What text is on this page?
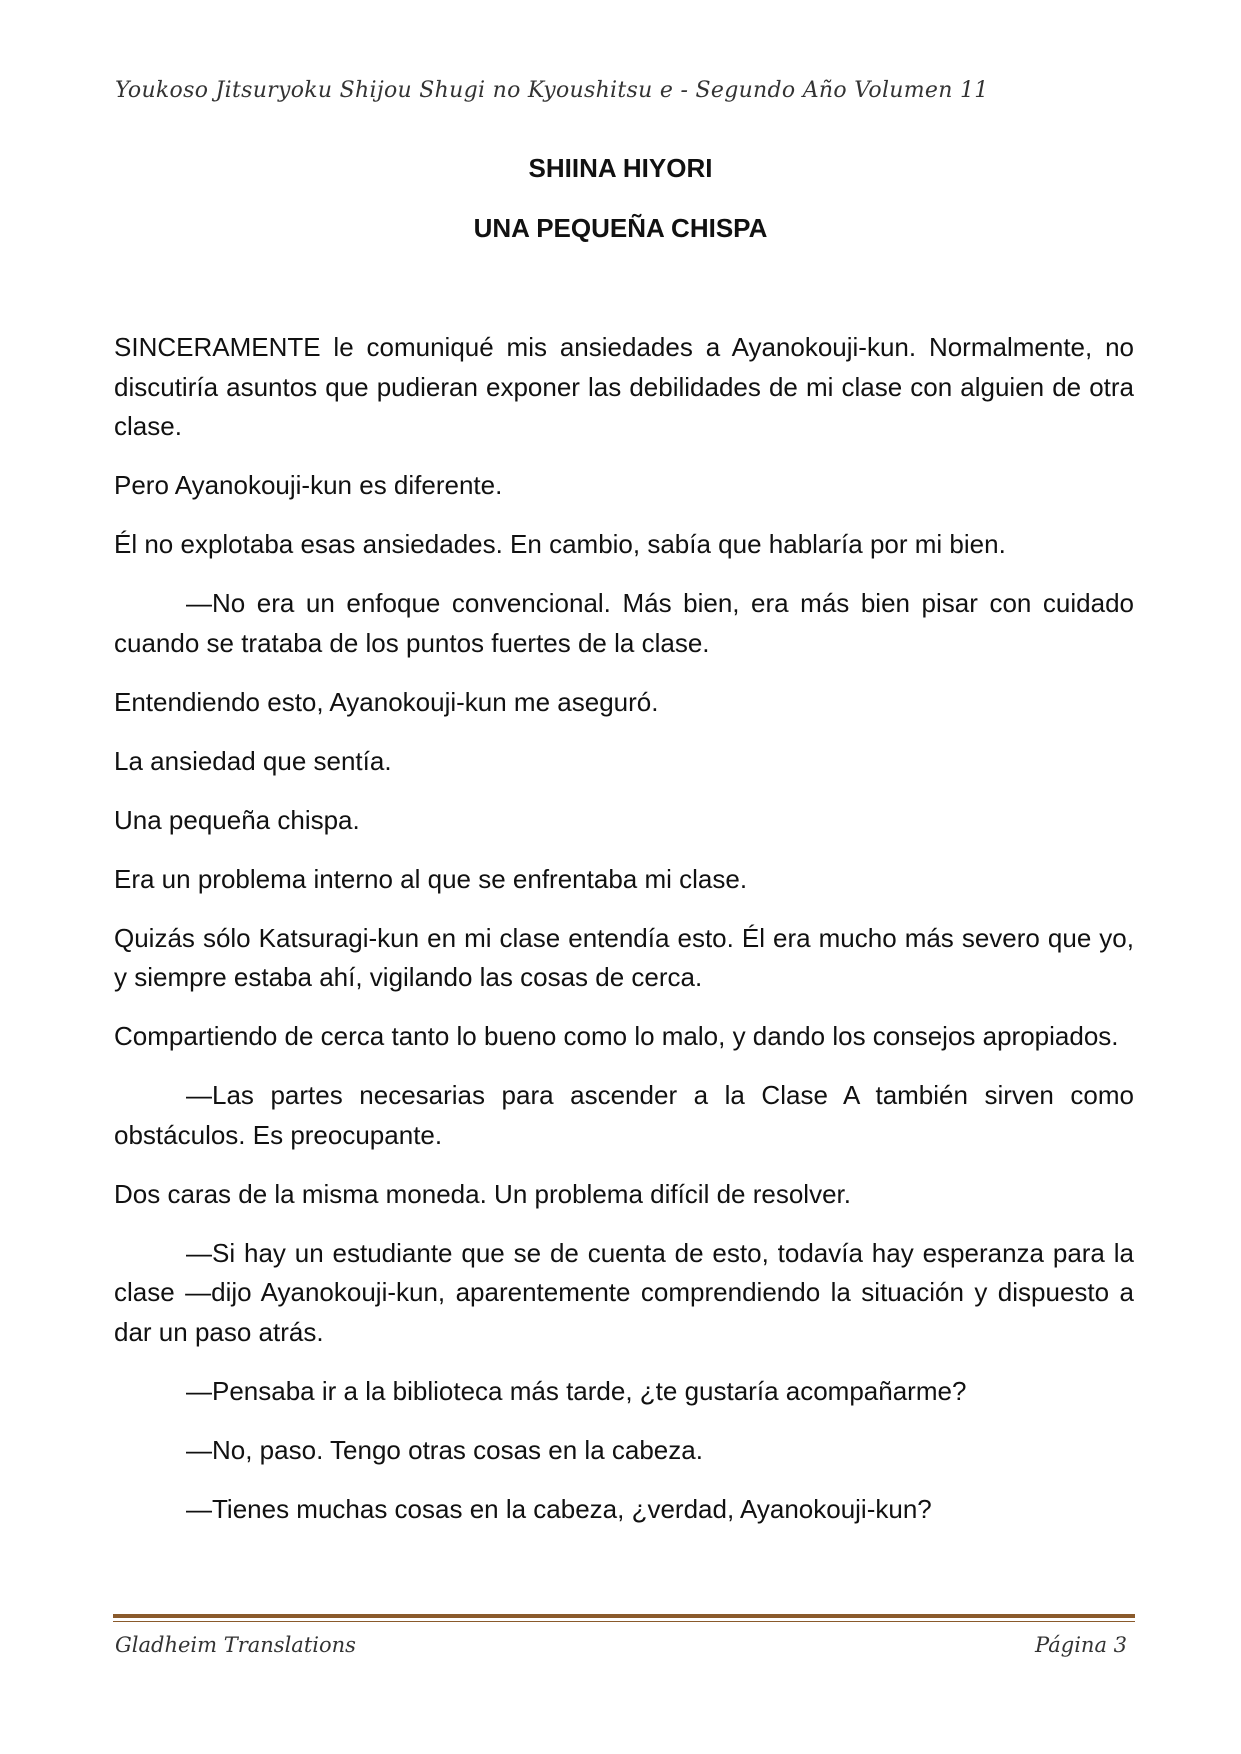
Youkoso Jitsuryoku Shijou Shugi no Kyoushitsu e - Segundo Año Volumen 11
SHIINA HIYORI
UNA PEQUEÑA CHISPA

SINCERAMENTE le comuniqué mis ansiedades a Ayanokouji-kun. Normalmente, no discutiría asuntos que pudieran exponer las debilidades de mi clase con alguien de otra clase.

Pero Ayanokouji-kun es diferente.

Él no explotaba esas ansiedades. En cambio, sabía que hablaría por mi bien.

—No era un enfoque convencional. Más bien, era más bien pisar con cuidado cuando se trataba de los puntos fuertes de la clase.

Entendiendo esto, Ayanokouji-kun me aseguró.

La ansiedad que sentía.

Una pequeña chispa.

Era un problema interno al que se enfrentaba mi clase.

Quizás sólo Katsuragi-kun en mi clase entendía esto. Él era mucho más severo que yo, y siempre estaba ahí, vigilando las cosas de cerca.

Compartiendo de cerca tanto lo bueno como lo malo, y dando los consejos apropiados.

—Las partes necesarias para ascender a la Clase A también sirven como obstáculos. Es preocupante.

Dos caras de la misma moneda. Un problema difícil de resolver.

—Si hay un estudiante que se de cuenta de esto, todavía hay esperanza para la clase —dijo Ayanokouji-kun, aparentemente comprendiendo la situación y dispuesto a dar un paso atrás.

—Pensaba ir a la biblioteca más tarde, ¿te gustaría acompañarme?

—No, paso. Tengo otras cosas en la cabeza.

—Tienes muchas cosas en la cabeza, ¿verdad, Ayanokouji-kun?

Gladheim Translations	Página 3
